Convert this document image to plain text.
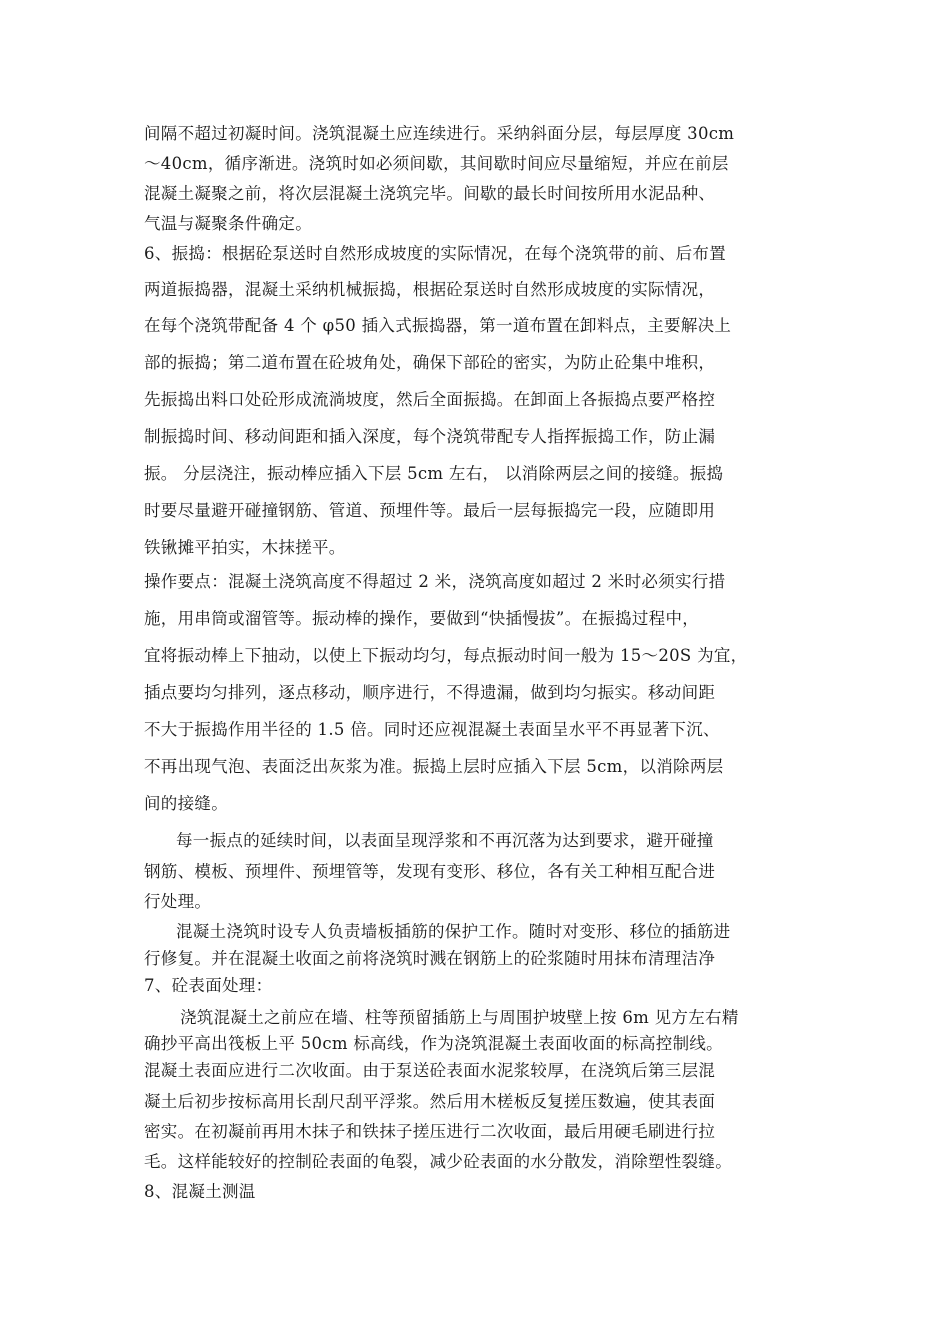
间隔不超过初凝时间。浇筑混凝土应连续进行。采纳斜面分层，每层厚度 30cm
～40cm，循序渐进。浇筑时如必须间歇，其间歇时间应尽量缩短，并应在前层
混凝土凝聚之前，将次层混凝土浇筑完毕。间歇的最长时间按所用水泥品种、
气温与凝聚条件确定。
6、振捣：根据砼泵送时自然形成坡度的实际情况，在每个浇筑带的前、后布置
两道振捣器，混凝土采纳机械振捣，根据砼泵送时自然形成坡度的实际情况，
在每个浇筑带配备 4 个 φ50 插入式振捣器，第一道布置在卸料点，主要解决上
部的振捣；第二道布置在砼坡角处，确保下部砼的密实，为防止砼集中堆积，
先振捣出料口处砼形成流淌坡度，然后全面振捣。在卸面上各振捣点要严格控
制振捣时间、移动间距和插入深度，每个浇筑带配专人指挥振捣工作，防止漏
振。 分层浇注，振动棒应插入下层 5cm 左右， 以消除两层之间的接缝。振捣
时要尽量避开碰撞钢筋、管道、预埋件等。最后一层每振捣完一段，应随即用
铁锹摊平拍实，木抹搓平。
操作要点：混凝土浇筑高度不得超过 2 米，浇筑高度如超过 2 米时必须实行措
施，用串筒或溜管等。振动棒的操作，要做到“快插慢拔”。在振捣过程中，
宜将振动棒上下抽动，以使上下振动均匀，每点振动时间一般为 15～20S 为宜，
插点要均匀排列，逐点移动，顺序进行，不得遗漏，做到均匀振实。移动间距
不大于振捣作用半径的 1.5 倍。同时还应视混凝土表面呈水平不再显著下沉、
不再出现气泡、表面泛出灰浆为准。振捣上层时应插入下层 5cm，以消除两层
间的接缝。
每一振点的延续时间，以表面呈现浮浆和不再沉落为达到要求，避开碰撞
钢筋、模板、预埋件、预埋管等，发现有变形、移位，各有关工种相互配合进
行处理。
混凝土浇筑时设专人负责墙板插筋的保护工作。随时对变形、移位的插筋进
行修复。并在混凝土收面之前将浇筑时溅在钢筋上的砼浆随时用抹布清理洁净
7、砼表面处理：
浇筑混凝土之前应在墙、柱等预留插筋上与周围护坡壁上按 6m 见方左右精
确抄平高出筏板上平 50cm 标高线，作为浇筑混凝土表面收面的标高控制线。
混凝土表面应进行二次收面。由于泵送砼表面水泥浆较厚，在浇筑后第三层混
凝土后初步按标高用长刮尺刮平浮浆。然后用木槎板反复搓压数遍，使其表面
密实。在初凝前再用木抹子和铁抹子搓压进行二次收面，最后用硬毛刷进行拉
毛。这样能较好的控制砼表面的龟裂，减少砼表面的水分散发，消除塑性裂缝。
8、混凝土测温
